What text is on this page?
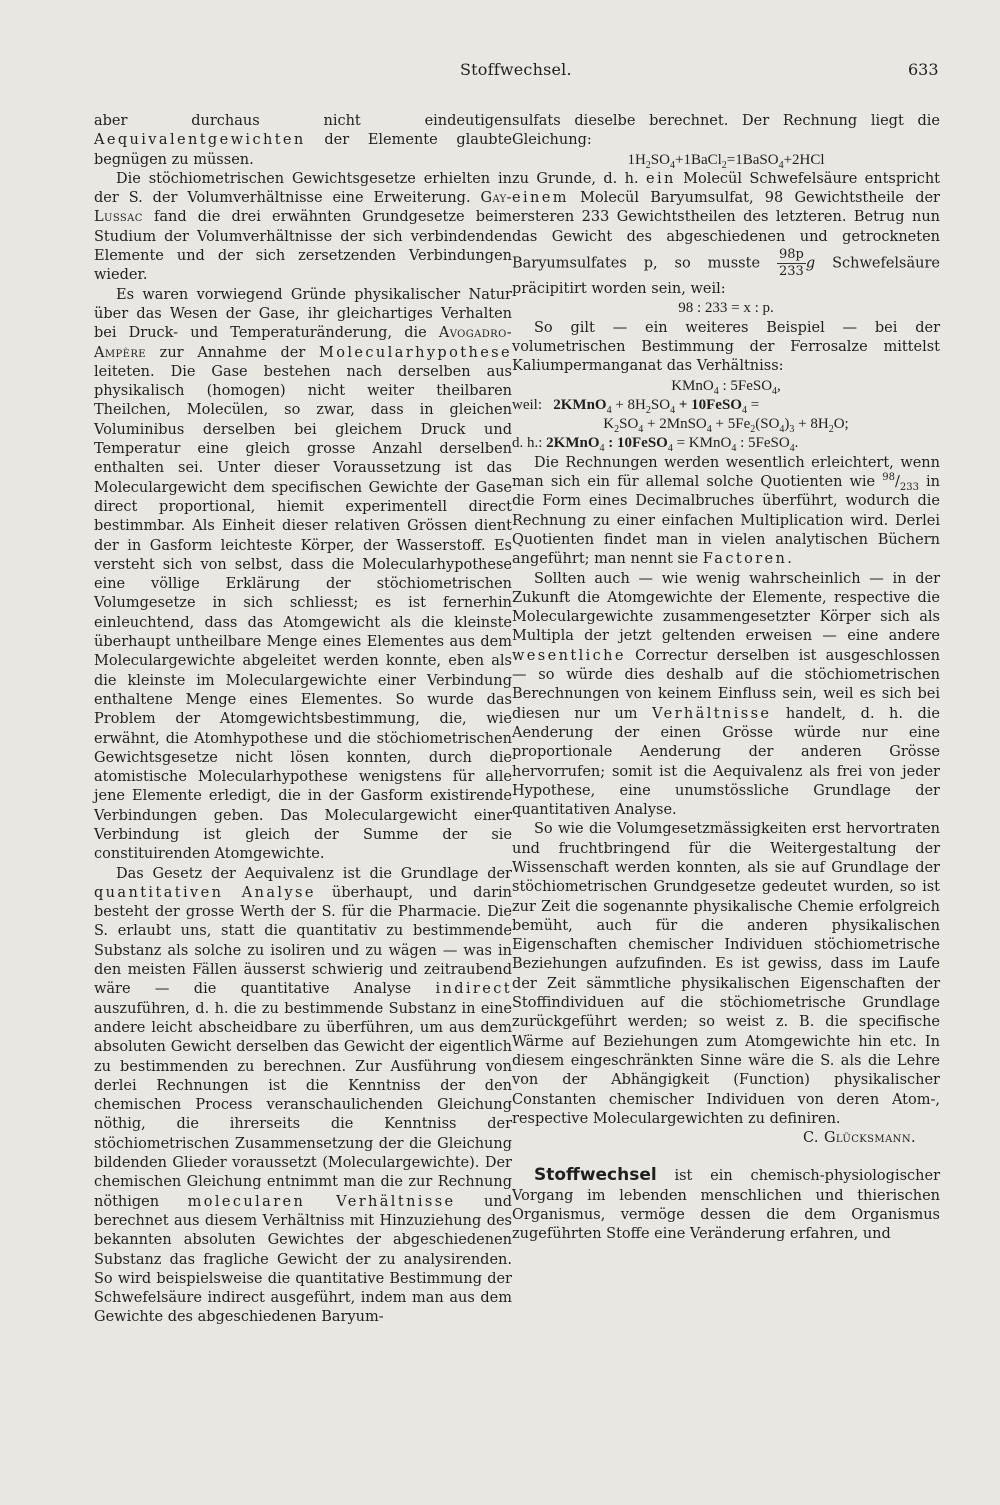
Stoffwechsel.	633

aber durchaus nicht eindeutigen Aequivalentgewichten der Elemente glaubte begnügen zu müssen.

Die stöchiometrischen Gewichtsgesetze erhielten in der S. der Volumverhältnisse eine Erweiterung. Gay-Lussac fand die drei erwähnten Grundgesetze beim Studium der Volumverhältnisse der sich verbindenden Elemente und der sich zersetzenden Verbindungen wieder.

Es waren vorwiegend Gründe physikalischer Natur über das Wesen der Gase, ihr gleichartiges Verhalten bei Druck- und Temperaturänderung, die Avogadro-Ampère zur Annahme der Molecularhypothese leiteten. Die Gase bestehen nach derselben aus physikalisch (homogen) nicht weiter theilbaren Theilchen, Molecülen, so zwar, dass in gleichen Voluminibus derselben bei gleichem Druck und Temperatur eine gleich grosse Anzahl derselben enthalten sei. Unter dieser Voraussetzung ist das Moleculargewicht dem specifischen Gewichte der Gase direct proportional, hiemit experimentell direct bestimmbar. Als Einheit dieser relativen Grössen dient der in Gasform leichteste Körper, der Wasserstoff. Es versteht sich von selbst, dass die Molecularhypothese eine völlige Erklärung der stöchiometrischen Volumgesetze in sich schliesst; es ist fernerhin einleuchtend, dass das Atomgewicht als die kleinste überhaupt untheilbare Menge eines Elementes aus dem Moleculargewichte abgeleitet werden konnte, eben als die kleinste im Moleculargewichte einer Verbindung enthaltene Menge eines Elementes. So wurde das Problem der Atomgewichtsbestimmung, die, wie erwähnt, die Atomhypothese und die stöchiometrischen Gewichtsgesetze nicht lösen konnten, durch die atomistische Molecularhypothese wenigstens für alle jene Elemente erledigt, die in der Gasform existirende Verbindungen geben. Das Moleculargewicht einer Verbindung ist gleich der Summe der sie constituirenden Atomgewichte.

Das Gesetz der Aequivalenz ist die Grundlage der quantitativen Analyse überhaupt, und darin besteht der grosse Werth der S. für die Pharmacie. Die S. erlaubt uns, statt die quantitativ zu bestimmende Substanz als solche zu isoliren und zu wägen — was in den meisten Fällen äusserst schwierig und zeitraubend wäre — die quantitative Analyse indirect auszuführen, d. h. die zu bestimmende Substanz in eine andere leicht abscheidbare zu überführen, um aus dem absoluten Gewicht derselben das Gewicht der eigentlich zu bestimmenden zu berechnen. Zur Ausführung von derlei Rechnungen ist die Kenntniss der den chemischen Process veranschaulichenden Gleichung nöthig, die ihrerseits die Kenntniss der stöchiometrischen Zusammensetzung der die Gleichung bildenden Glieder voraussetzt (Moleculargewichte). Der chemischen Gleichung entnimmt man die zur Rechnung nöthigen molecularen Verhältnisse und berechnet aus diesem Verhältniss mit Hinzuziehung des bekannten absoluten Gewichtes der abgeschiedenen Substanz das fragliche Gewicht der zu analysirenden. So wird beispielsweise die quantitative Bestimmung der Schwefelsäure indirect ausgeführt, indem man aus dem Gewichte des abgeschiedenen Baryum-

sulfats dieselbe berechnet. Der Rechnung liegt die Gleichung:

$1H_2SO_4+1BaCl_2=1BaSO_4+2HCl$

zu Grunde, d. h. ein Molecül Schwefelsäure entspricht einem Molecül Baryumsulfat, 98 Gewichtstheile der ersteren 233 Gewichtstheilen des letzteren. Betrug nun das Gewicht des abgeschiedenen und getrockneten Baryumsulfates p, so musste $\frac{98p}{233}$ g Schwefelsäure präcipitirt worden sein, weil:

98 : 233 = x : p.

So gilt — ein weiteres Beispiel — bei der volumetrischen Bestimmung der Ferrosalze mittelst Kaliumpermanganat das Verhältniss:

KMnO$_4$ : 5FeSO$_4$,

weil: 2KMnO$_4$ + $8H_2SO_4$ + 10FeSO$_4$ =

$K_2SO_4$ + 2MnSO$_4$ + $5Fe_2(SO_4)_3 + 8H_2O$;

d. h.: 2KMnO$_4$ : 10FeSO$_4$ = KMnO$_4$ : 5FeSO$_4$.

Die Rechnungen werden wesentlich erleichtert, wenn man sich ein für allemal solche Quotienten wie $^{98}/_{233}$ in die Form eines Decimalbruches überführt, wodurch die Rechnung zu einer einfachen Multiplication wird. Derlei Quotienten findet man in vielen analytischen Büchern angeführt; man nennt sie Factoren.

Sollten auch — wie wenig wahrscheinlich — in der Zukunft die Atomgewichte der Elemente, respective die Moleculargewichte zusammengesetzter Körper sich als Multipla der jetzt geltenden erweisen — eine andere wesentliche Correctur derselben ist ausgeschlossen — so würde dies deshalb auf die stöchiometrischen Berechnungen von keinem Einfluss sein, weil es sich bei diesen nur um Verhältnisse handelt, d. h. die Aenderung der einen Grösse würde nur eine proportionale Aenderung der anderen Grösse hervorrufen; somit ist die Aequivalenz als frei von jeder Hypothese, eine unumstössliche Grundlage der quantitativen Analyse.

So wie die Volumgesetzmässigkeiten erst hervortraten und fruchtbringend für die Weitergestaltung der Wissenschaft werden konnten, als sie auf Grundlage der stöchiometrischen Grundgesetze gedeutet wurden, so ist zur Zeit die sogenannte physikalische Chemie erfolgreich bemüht, auch für die anderen physikalischen Eigenschaften chemischer Individuen stöchiometrische Beziehungen aufzufinden. Es ist gewiss, dass im Laufe der Zeit sämmtliche physikalischen Eigenschaften der Stoffindividuen auf die stöchiometrische Grundlage zurückgeführt werden; so weist z. B. die specifische Wärme auf Beziehungen zum Atomgewichte hin etc. In diesem eingeschränkten Sinne wäre die S. als die Lehre von der Abhängigkeit (Function) physikalischer Constanten chemischer Individuen von deren Atom-, respective Moleculargewichten zu definiren.

C. Glücksmann.

Stoffwechsel ist ein chemisch-physiologischer Vorgang im lebenden menschlichen und thierischen Organismus, vermöge dessen die dem Organismus zugeführten Stoffe eine Veränderung erfahren, und
